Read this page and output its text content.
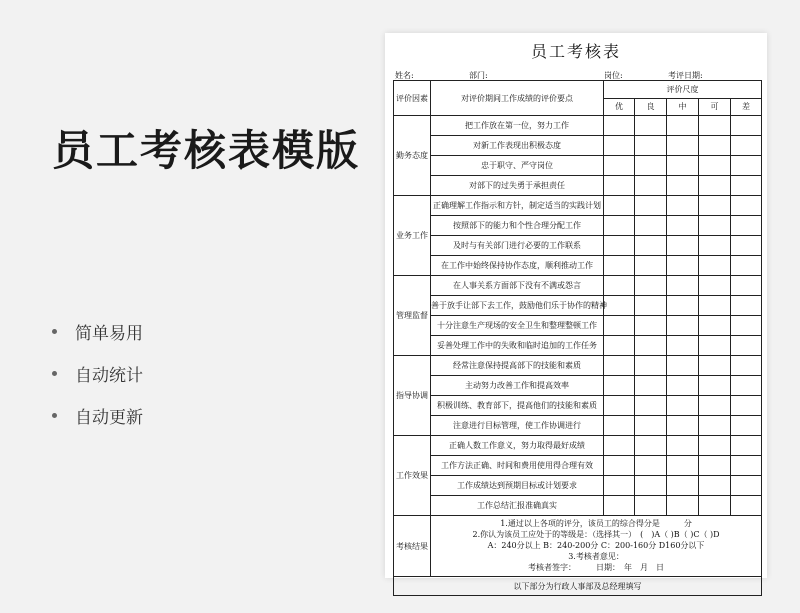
员工考核表模版
简单易用
自动统计
自动更新
员工考核表
姓名:	部门:	岗位:	考评日期:
评价因素	对评价期间工作成绩的评价要点	评价尺度				
		优	良	中	可	差
勤务态度	把工作放在第一位，努力工作					
	对新工作表现出积极态度					
	忠于职守、严守岗位					
	对部下的过失勇于承担责任					
业务工作	正确理解工作指示和方针，制定适当的实践计划					
	按照部下的能力和个性合理分配工作					
	及时与有关部门进行必要的工作联系					
	在工作中始终保持协作态度，顺利推动工作					
管理监督	在人事关系方面部下没有不满或怨言					
	善于放手让部下去工作，鼓励他们乐于协作的精神					
	十分注意生产现场的安全卫生和整理整顿工作					
	妥善处理工作中的失败和临时追加的工作任务					
指导协调	经常注意保持提高部下的技能和素质					
	主动努力改善工作和提高效率					
	积极训练、教育部下，提高他们的技能和素质					
	注意进行目标管理，使工作协调进行					
工作效果	正确人数工作意义，努力取得最好成绩					
	工作方法正确、时间和费用使用得合理有效					
	工作成绩达到预期目标或计划要求					
	工作总结汇报准确真实					
考核结果	1.通过以上各项的评分，该员工的综合得分是　　　分
2.你认为该员工应处于的等级是：（选择其一）　(　)A（ )B（ )C（ )D
A：240分以上 B：240-200分 C：200-160分 D160分以下
3.考核者意见：
考核者签字：　　　日期：　年　月　日					

以下部分为行政人事部及总经理填写						
